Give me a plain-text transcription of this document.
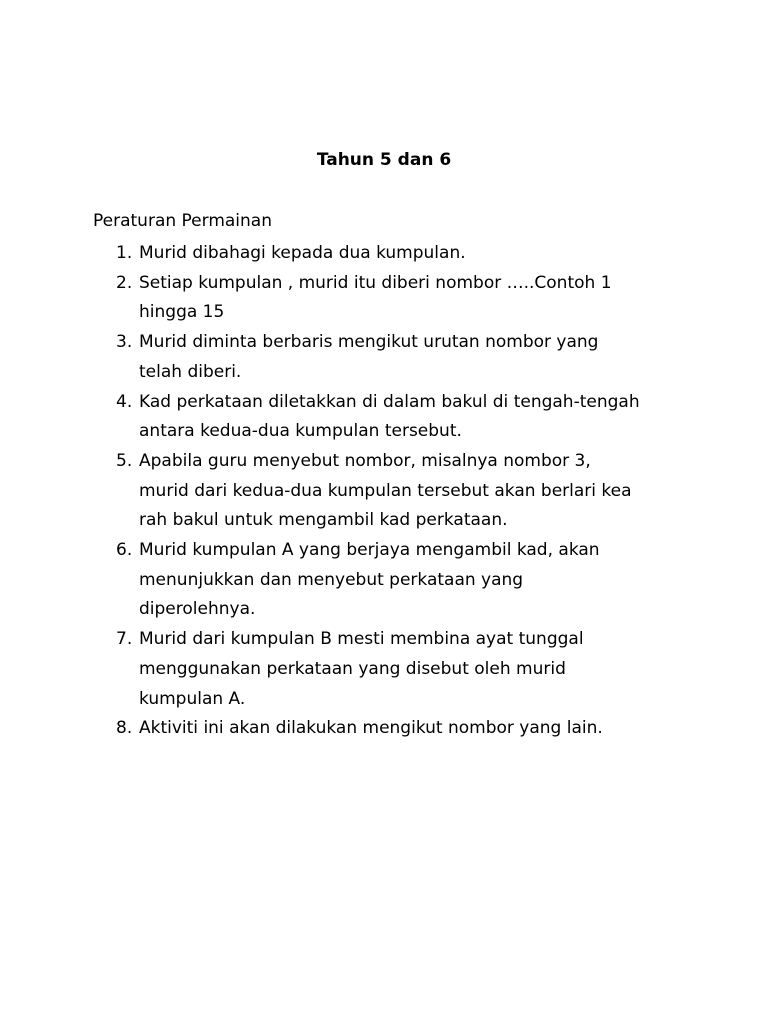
Tahun 5 dan 6
Peraturan Permainan
1. Murid dibahagi kepada dua kumpulan.
2. Setiap kumpulan , murid itu diberi nombor …..Contoh 1
hingga 15
3. Murid diminta berbaris mengikut urutan nombor yang
telah diberi.
4. Kad perkataan diletakkan di dalam bakul di tengah-tengah
antara kedua-dua kumpulan tersebut.
5. Apabila guru menyebut nombor, misalnya nombor 3,
murid dari kedua-dua kumpulan tersebut akan berlari kea
rah bakul untuk mengambil kad perkataan.
6. Murid kumpulan A yang berjaya mengambil kad, akan
menunjukkan dan menyebut perkataan yang
diperolehnya.
7. Murid dari kumpulan B mesti membina ayat tunggal
menggunakan perkataan yang disebut oleh murid
kumpulan A.
8. Aktiviti ini akan dilakukan mengikut nombor yang lain.
